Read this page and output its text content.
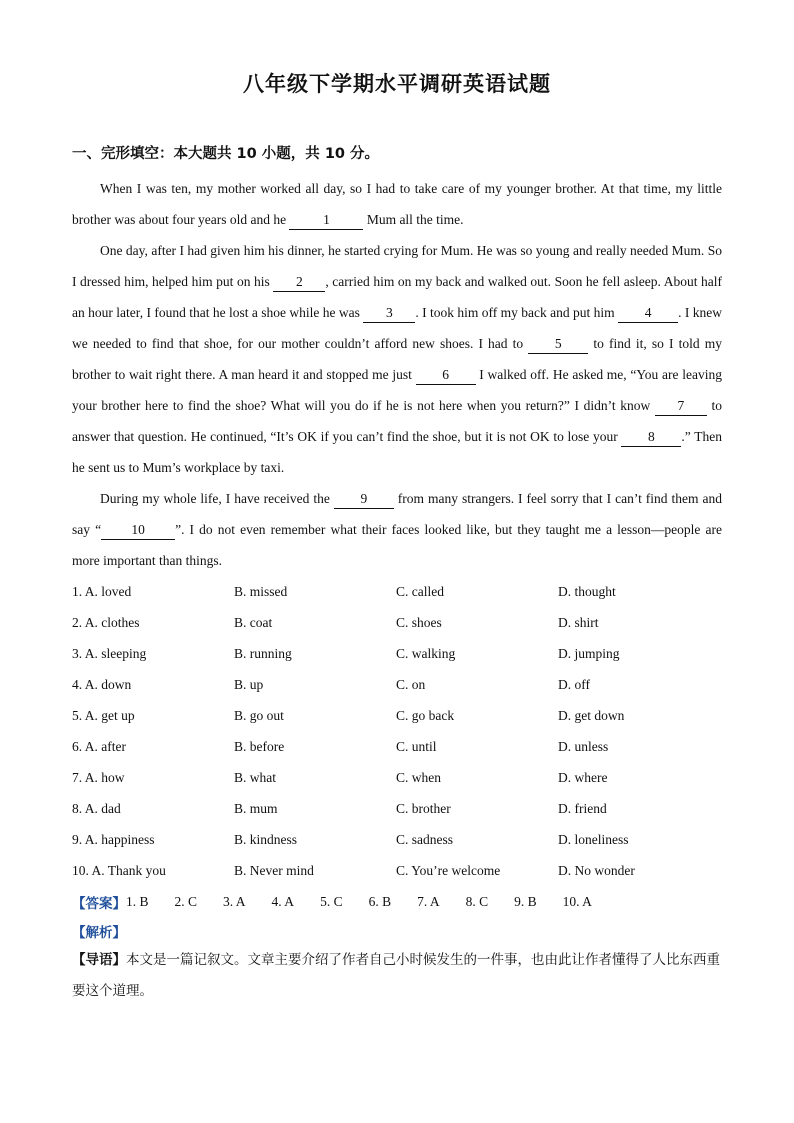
八年级下学期水平调研英语试题
一、完形填空：本大题共 10 小题，共 10 分。

When I was ten, my mother worked all day, so I had to take care of my younger brother. At that time, my little brother was about four years old and he 1 Mum all the time.

One day, after I had given him his dinner, he started crying for Mum. He was so young and really needed Mum. So I dressed him, helped him put on his 2 , carried him on my back and walked out. Soon he fell asleep. About half an hour later, I found that he lost a shoe while he was 3 . I took him off my back and put him 4 . I knew we needed to find that shoe, for our mother couldn’t afford new shoes. I had to 5 to find it, so I told my brother to wait right there. A man heard it and stopped me just 6 I walked off. He asked me, “You are leaving your brother here to find the shoe? What will you do if he is not here when you return?” I didn’t know 7 to answer that question. He continued, “It’s OK if you can’t find the shoe, but it is not OK to lose your 8 .” Then he sent us to Mum’s workplace by taxi.

During my whole life, I have received the 9 from many strangers. I feel sorry that I can’t find them and say “ 10 ”. I do not even remember what their faces looked like, but they taught me a lesson—people are more important than things.

1. A. loved	B. missed	C. called	D. thought
2. A. clothes	B. coat	C. shoes	D. shirt
3. A. sleeping	B. running	C. walking	D. jumping
4. A. down	B. up	C. on	D. off
5. A. get up	B. go out	C. go back	D. get down
6. A. after	B. before	C. until	D. unless
7. A. how	B. what	C. when	D. where
8. A. dad	B. mum	C. brother	D. friend
9. A. happiness	B. kindness	C. sadness	D. loneliness
10. A. Thank you	B. Never mind	C. You’re welcome	D. No wonder
【答案】 1. B 2. C 3. A 4. A 5. C 6. B 7. A 8. C 9. B 10. A
【解析】

【导语】本文是一篇记叙文。文章主要介绍了作者自己小时候发生的一件事，也由此让作者懂得了人比东西重要这个道理。
